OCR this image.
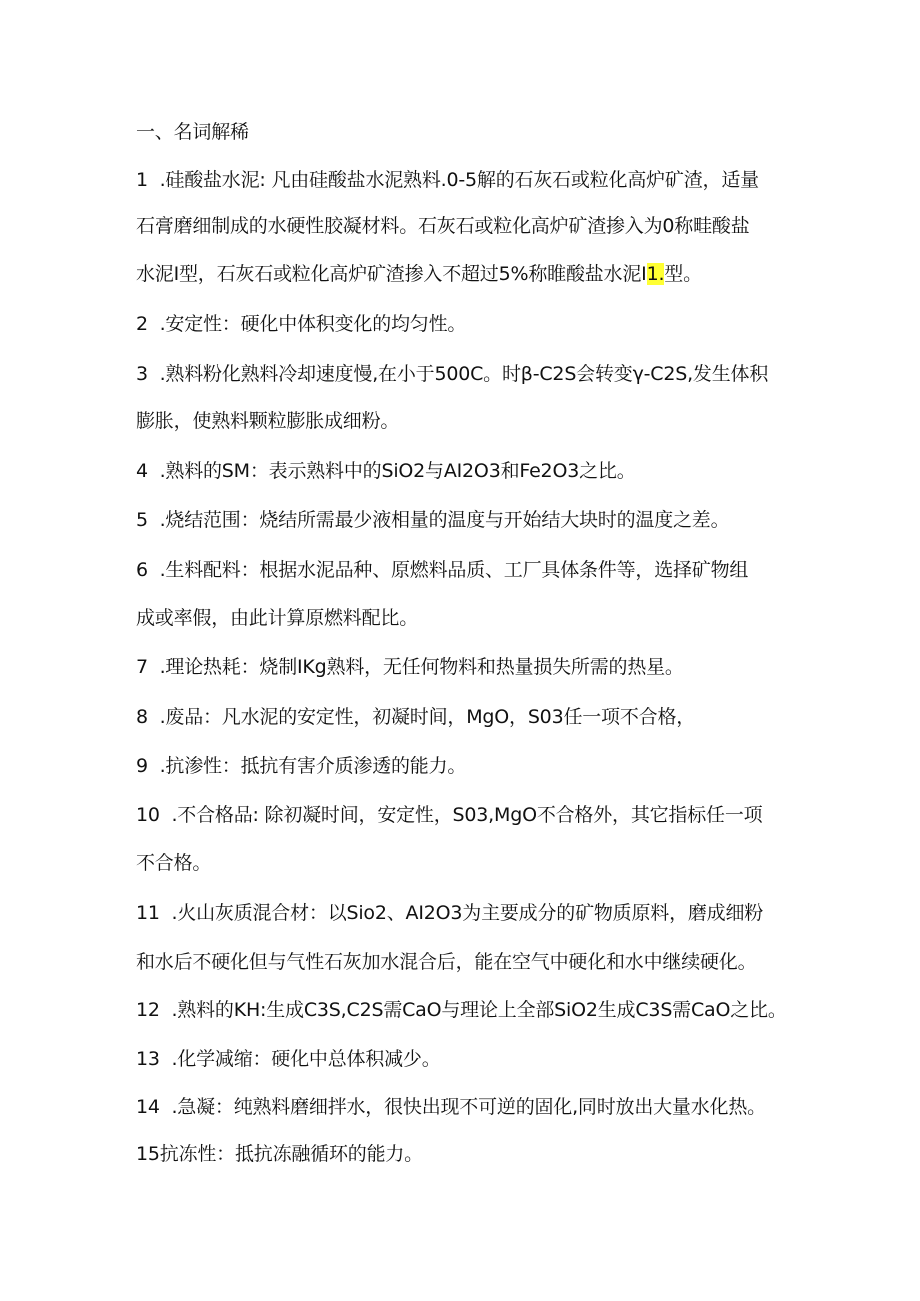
一、名词解稀
1  .硅酸盐水泥: 凡由硅酸盐水泥熟料.0-5解的石灰石或粒化高炉矿渣，适量
石膏磨细制成的水硬性胶凝材料。石灰石或粒化高炉矿渣掺入为0称畦酸盐
水泥I型，石灰石或粒化高炉矿渣掺入不超过5%称睢酸盐水泥I1.型。
2  .安定性：硬化中体积变化的均匀性。
3  .熟料粉化熟料冷却速度慢,在小于500C。时β-C2S会转变γ-C2S,发生体积
膨胀，使熟料颗粒膨胀成细粉。
4  .熟料的SM：表示熟料中的SiO2与AI2O3和Fe2O3之比。
5  .烧结范围：烧结所需最少液相量的温度与开始结大块时的温度之差。
6  .生料配料：根据水泥品种、原燃料品质、工厂具体条件等，选择矿物组
成或率假，由此计算原燃料配比。
7  .理论热耗：烧制IKg熟料，无任何物料和热量损失所需的热星。
8  .废品：凡水泥的安定性，初凝时间，MgO，S03任一项不合格，
9  .抗渗性：抵抗有害介质渗透的能力。
10  .不合格品: 除初凝时间，安定性，S03,MgO不合格外，其它指标任一项
不合格。
11  .火山灰质混合材：以Sio2、AI2O3为主要成分的矿物质原料，磨成细粉
和水后不硬化但与气性石灰加水混合后，能在空气中硬化和水中继续硬化。
12  .熟料的KH:生成C3S,C2S需CaO与理论上全部SiO2生成C3S需CaO之比。
13  .化学减缩：硬化中总体积减少。
14  .急凝：纯熟料磨细拌水，很快出现不可逆的固化,同时放出大量水化热。
15抗冻性：抵抗冻融循环的能力。
